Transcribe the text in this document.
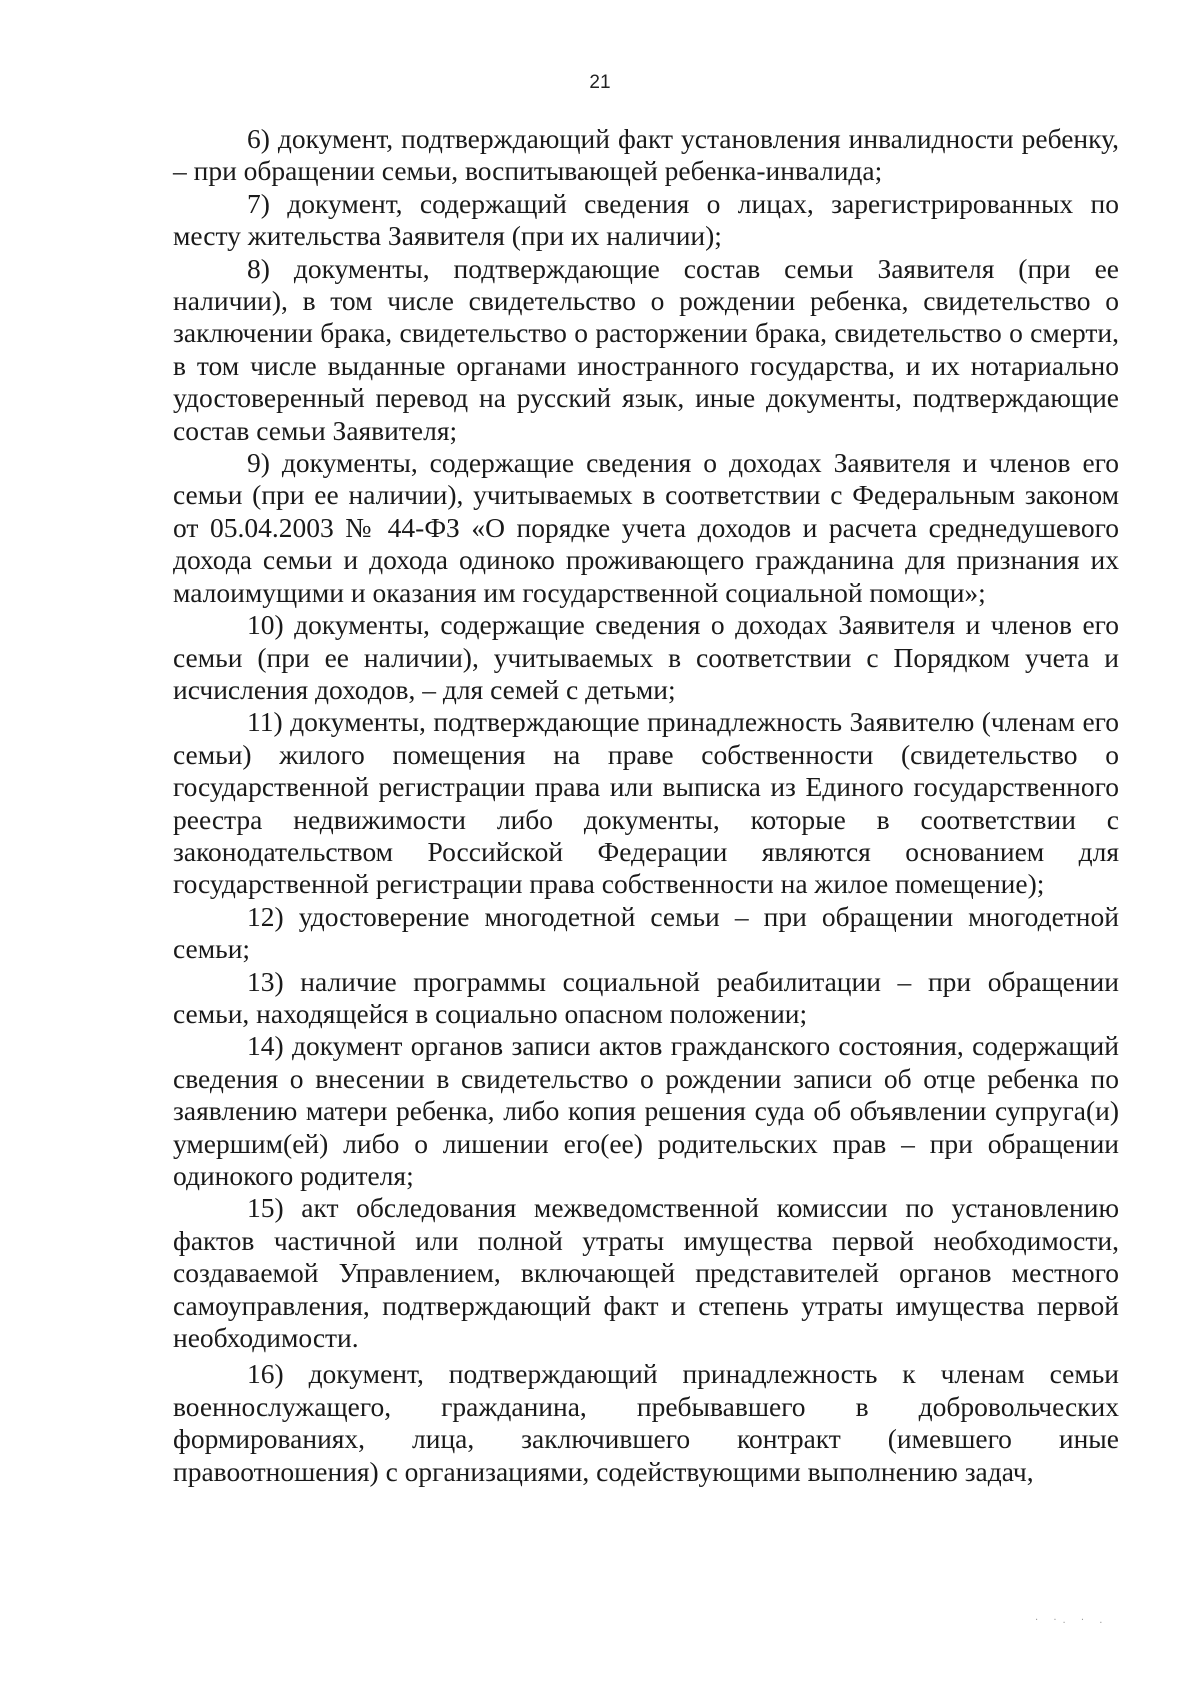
21

6) документ, подтверждающий факт установления инвалидности ребенку, – при обращении семьи, воспитывающей ребенка-инвалида;

7) документ, содержащий сведения о лицах, зарегистрированных по месту жительства Заявителя (при их наличии);

8) документы, подтверждающие состав семьи Заявителя (при ее наличии), в том числе свидетельство о рождении ребенка, свидетельство о заключении брака, свидетельство о расторжении брака, свидетельство о смерти, в том числе выданные органами иностранного государства, и их нотариально удостоверенный перевод на русский язык, иные документы, подтверждающие состав семьи Заявителя;

9) документы, содержащие сведения о доходах Заявителя и членов его семьи (при ее наличии), учитываемых в соответствии с Федеральным законом от 05.04.2003 № 44-ФЗ «О порядке учета доходов и расчета среднедушевого дохода семьи и дохода одиноко проживающего гражданина для признания их малоимущими и оказания им государственной социальной помощи»;

10) документы, содержащие сведения о доходах Заявителя и членов его семьи (при ее наличии), учитываемых в соответствии с Порядком учета и исчисления доходов, – для семей с детьми;

11) документы, подтверждающие принадлежность Заявителю (членам его семьи) жилого помещения на праве собственности (свидетельство о государственной регистрации права или выписка из Единого государственного реестра недвижимости либо документы, которые в соответствии с законодательством Российской Федерации являются основанием для государственной регистрации права собственности на жилое помещение);

12) удостоверение многодетной семьи – при обращении многодетной семьи;

13) наличие программы социальной реабилитации – при обращении семьи, находящейся в социально опасном положении;

14) документ органов записи актов гражданского состояния, содержащий сведения о внесении в свидетельство о рождении записи об отце ребенка по заявлению матери ребенка, либо копия решения суда об объявлении супруга(и) умершим(ей) либо о лишении его(ее) родительских прав – при обращении одинокого родителя;

15) акт обследования межведомственной комиссии по установлению фактов частичной или полной утраты имущества первой необходимости, создаваемой Управлением, включающей представителей органов местного самоуправления, подтверждающий факт и степень утраты имущества первой необходимости.

16) документ, подтверждающий принадлежность к членам семьи военнослужащего, гражданина, пребывавшего в добровольческих формированиях, лица, заключившего контракт (имевшего иные правоотношения) с организациями, содействующими выполнению задач,

· ·. · .
